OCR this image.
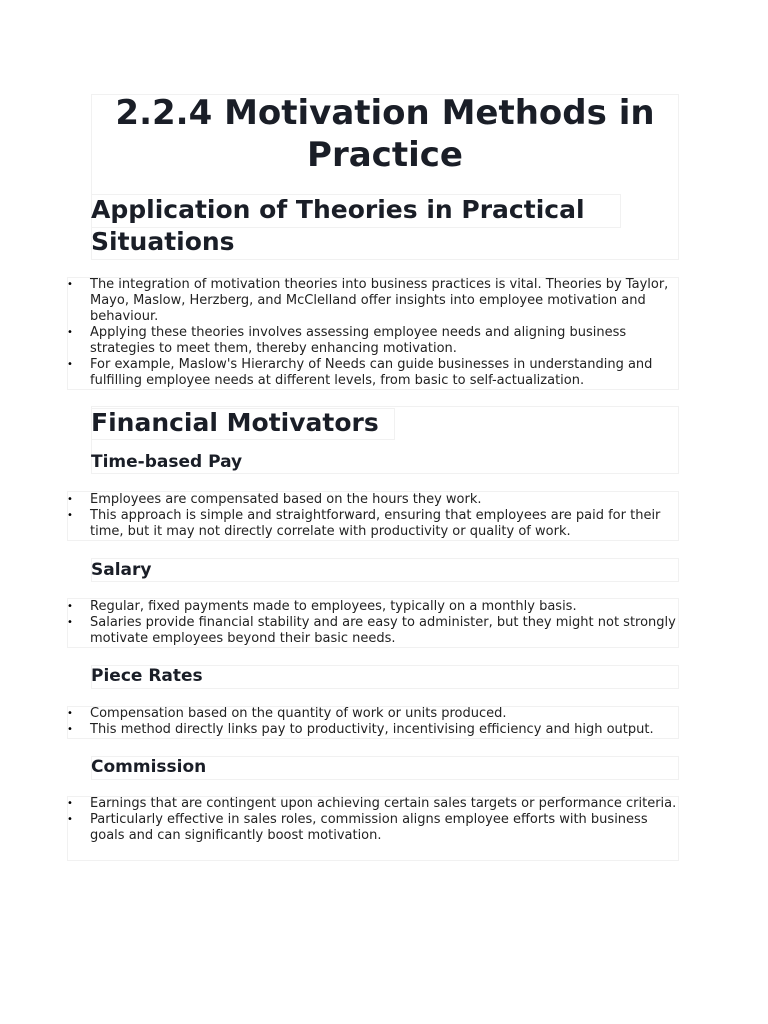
2.2.4 Motivation Methods in Practice
Application of Theories in Practical Situations
• The integration of motivation theories into business practices is vital. Theories by Taylor, Mayo, Maslow, Herzberg, and McClelland offer insights into employee motivation and behaviour.
• Applying these theories involves assessing employee needs and aligning business strategies to meet them, thereby enhancing motivation.
• For example, Maslow's Hierarchy of Needs can guide businesses in understanding and fulfilling employee needs at different levels, from basic to self-actualization.
Financial Motivators
Time-based Pay
• Employees are compensated based on the hours they work.
• This approach is simple and straightforward, ensuring that employees are paid for their time, but it may not directly correlate with productivity or quality of work.
Salary
• Regular, fixed payments made to employees, typically on a monthly basis.
• Salaries provide financial stability and are easy to administer, but they might not strongly motivate employees beyond their basic needs.
Piece Rates
• Compensation based on the quantity of work or units produced.
• This method directly links pay to productivity, incentivising efficiency and high output.
Commission
• Earnings that are contingent upon achieving certain sales targets or performance criteria.
• Particularly effective in sales roles, commission aligns employee efforts with business goals and can significantly boost motivation.
